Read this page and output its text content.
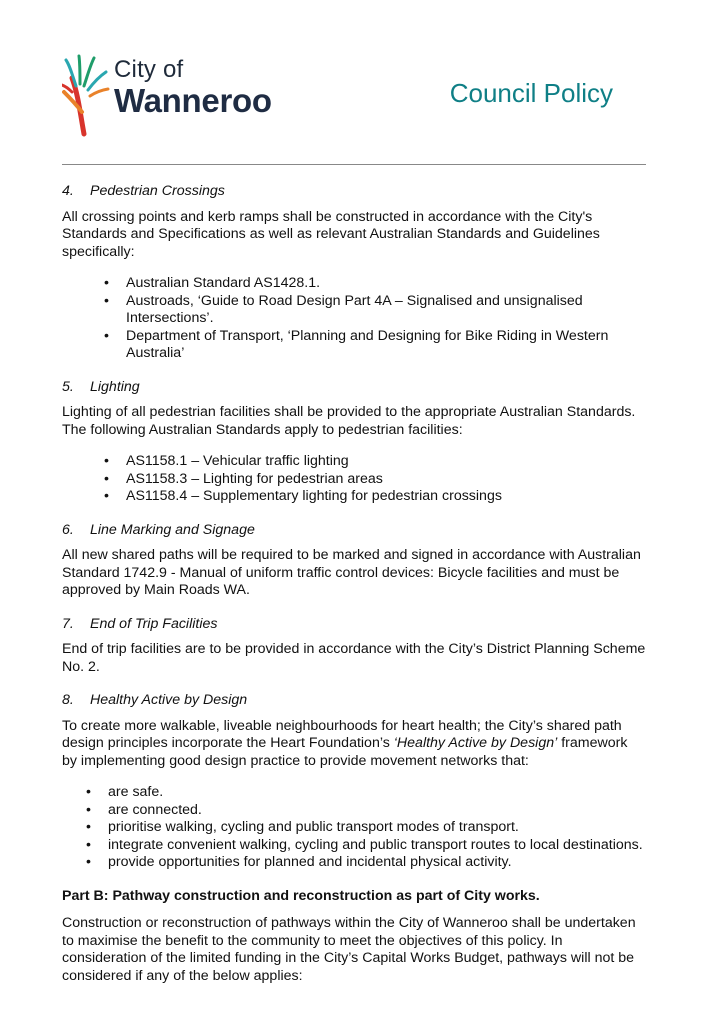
City of
Wanneroo	Council Policy

4. Pedestrian Crossings

All crossing points and kerb ramps shall be constructed in accordance with the City's Standards and Specifications as well as relevant Australian Standards and Guidelines specifically:

• Australian Standard AS1428.1.
• Austroads, ‘Guide to Road Design Part 4A – Signalised and unsignalised Intersections’.
• Department of Transport, ‘Planning and Designing for Bike Riding in Western Australia’

5. Lighting

Lighting of all pedestrian facilities shall be provided to the appropriate Australian Standards. The following Australian Standards apply to pedestrian facilities:

• AS1158.1 – Vehicular traffic lighting
• AS1158.3 – Lighting for pedestrian areas
• AS1158.4 – Supplementary lighting for pedestrian crossings

6. Line Marking and Signage

All new shared paths will be required to be marked and signed in accordance with Australian Standard 1742.9 - Manual of uniform traffic control devices: Bicycle facilities and must be approved by Main Roads WA.

7. End of Trip Facilities

End of trip facilities are to be provided in accordance with the City’s District Planning Scheme No. 2.

8. Healthy Active by Design

To create more walkable, liveable neighbourhoods for heart health; the City’s shared path design principles incorporate the Heart Foundation’s ‘Healthy Active by Design’ framework by implementing good design practice to provide movement networks that:

• are safe.
• are connected.
• prioritise walking, cycling and public transport modes of transport.
• integrate convenient walking, cycling and public transport routes to local destinations.
• provide opportunities for planned and incidental physical activity.

Part B: Pathway construction and reconstruction as part of City works.

Construction or reconstruction of pathways within the City of Wanneroo shall be undertaken to maximise the benefit to the community to meet the objectives of this policy. In consideration of the limited funding in the City’s Capital Works Budget, pathways will not be considered if any of the below applies:
